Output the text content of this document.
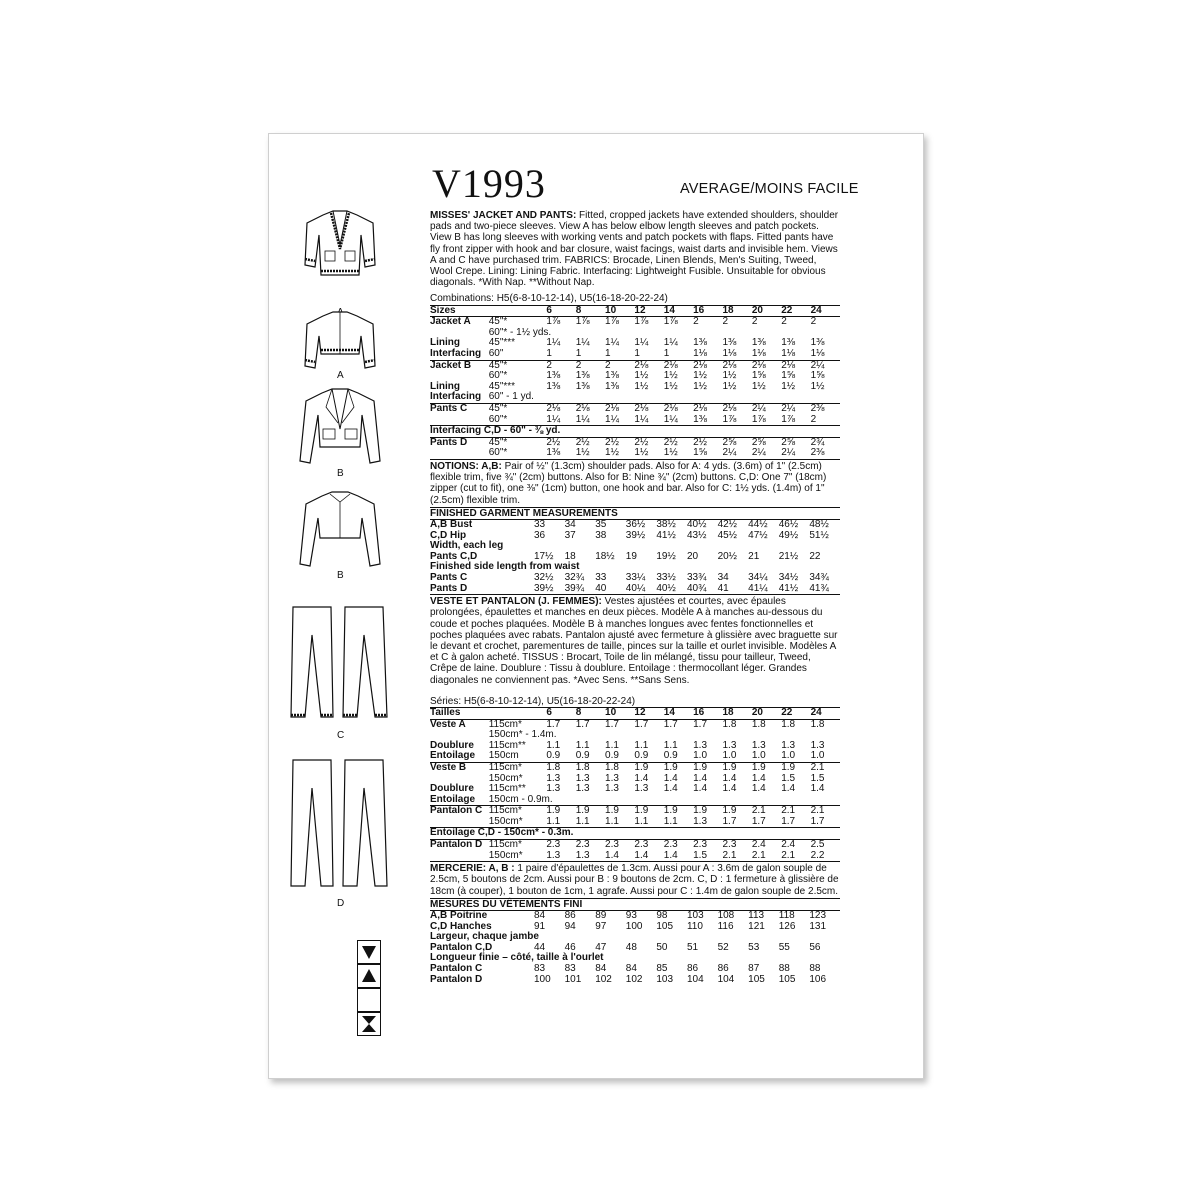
V1993	AVERAGE/MOINS FACILE
A
B
B
C
D

MISSES' JACKET AND PANTS: Fitted, cropped jackets have extended shoulders, shoulder pads and two-piece sleeves. View A has below elbow length sleeves and patch pockets. View B has long sleeves with working vents and patch pockets with flaps. Fitted pants have fly front zipper with hook and bar closure, waist facings, waist darts and invisible hem. Views A and C have purchased trim. FABRICS: Brocade, Linen Blends, Men's Suiting, Tweed, Wool Crepe. Lining: Lining Fabric. Interfacing: Lightweight Fusible. Unsuitable for obvious diagonals. *With Nap. **Without Nap.

Combinations: H5(6-8-10-12-14), U5(16-18-20-22-24)

Sizes		6	8	10	12	14	16	18	20	22	24
Jacket A	45"*	1⅞	1⅞	1⅞	1⅞	1⅞	2	2	2	2	2
	60"* - 1½ yds.										
Lining	45"***	1¼	1¼	1¼	1¼	1¼	1⅜	1⅜	1⅜	1⅜	1⅜
Interfacing	60"	1	1	1	1	1	1⅛	1⅛	1⅛	1⅛	1⅛
Jacket B	45"*	2	2	2	2⅛	2⅛	2⅛	2⅛	2⅛	2⅛	2¼
	60"*	1⅜	1⅜	1⅜	1½	1½	1½	1½	1⅝	1⅝	1⅝
Lining	45"***	1⅜	1⅜	1⅜	1½	1½	1½	1½	1½	1½	1½
Interfacing	60" - 1 yd.										
Pants C	45"*	2⅛	2⅛	2⅛	2⅛	2⅛	2⅛	2⅛	2¼	2¼	2⅜
	60"*	1¼	1¼	1¼	1¼	1¼	1⅜	1⅞	1⅞	1⅞	2
Interfacing C,D - 60" - ⅜ yd.											
Pants D	45"*	2½	2½	2½	2½	2½	2½	2⅝	2⅝	2⅝	2¾
	60"*	1⅜	1½	1½	1½	1½	1⅝	2¼	2¼	2¼	2⅜

NOTIONS: A,B: Pair of ½" (1.3cm) shoulder pads. Also for A: 4 yds. (3.6m) of 1" (2.5cm) flexible trim, five ¾" (2cm) buttons. Also for B: Nine ¾" (2cm) buttons. C,D: One 7" (18cm) zipper (cut to fit), one ⅜" (1cm) button, one hook and bar. Also for C: 1½ yds. (1.4m) of 1" (2.5cm) flexible trim.

FINISHED GARMENT MEASUREMENTS

A,B Bust	33	34	35	36½	38½	40½	42½	44½	46½	48½
C,D Hip	36	37	38	39½	41½	43½	45½	47½	49½	51½
Width, each leg										
Pants C,D	17½	18	18½	19	19½	20	20½	21	21½	22
Finished side length from waist										
Pants C	32½	32¾	33	33¼	33½	33¾	34	34¼	34½	34¾
Pants D	39½	39¾	40	40¼	40½	40¾	41	41¼	41½	41¾

VESTE ET PANTALON (J. FEMMES): Vestes ajustées et courtes, avec épaules prolongées, épaulettes et manches en deux pièces. Modèle A à manches au-dessous du coude et poches plaquées. Modèle B à manches longues avec fentes fonctionnelles et poches plaquées avec rabats. Pantalon ajusté avec fermeture à glissière avec braguette sur le devant et crochet, parementures de taille, pinces sur la taille et ourlet invisible. Modèles A et C à galon acheté. TISSUS : Brocart, Toile de lin mélangé, tissu pour tailleur, Tweed, Crêpe de laine. Doublure : Tissu à doublure. Entoilage : thermocollant léger. Grandes diagonales ne conviennent pas. *Avec Sens. **Sans Sens.

Séries: H5(6-8-10-12-14), U5(16-18-20-22-24)

Tailles		6	8	10	12	14	16	18	20	22	24
Veste A	115cm*	1.7	1.7	1.7	1.7	1.7	1.7	1.8	1.8	1.8	1.8
	150cm* - 1.4m.										
Doublure	115cm**	1.1	1.1	1.1	1.1	1.1	1.3	1.3	1.3	1.3	1.3
Entoilage	150cm	0.9	0.9	0.9	0.9	0.9	1.0	1.0	1.0	1.0	1.0
Veste B	115cm*	1.8	1.8	1.8	1.9	1.9	1.9	1.9	1.9	1.9	2.1
	150cm*	1.3	1.3	1.3	1.4	1.4	1.4	1.4	1.4	1.5	1.5
Doublure	115cm**	1.3	1.3	1.3	1.3	1.4	1.4	1.4	1.4	1.4	1.4
Entoilage	150cm - 0.9m.										
Pantalon C	115cm*	1.9	1.9	1.9	1.9	1.9	1.9	1.9	2.1	2.1	2.1
	150cm*	1.1	1.1	1.1	1.1	1.1	1.3	1.7	1.7	1.7	1.7
Entoilage C,D - 150cm* - 0.3m.											
Pantalon D	115cm*	2.3	2.3	2.3	2.3	2.3	2.3	2.3	2.4	2.4	2.5
	150cm*	1.3	1.3	1.4	1.4	1.4	1.5	2.1	2.1	2.1	2.2

MERCERIE: A, B : 1 paire d'épaulettes de 1.3cm. Aussi pour A : 3.6m de galon souple de 2.5cm, 5 boutons de 2cm. Aussi pour B : 9 boutons de 2cm. C, D : 1 fermeture à glissière de 18cm (à couper), 1 bouton de 1cm, 1 agrafe. Aussi pour C : 1.4m de galon souple de 2.5cm.

MESURES DU VÊTEMENTS FINI

A,B Poitrine	84	86	89	93	98	103	108	113	118	123
C,D Hanches	91	94	97	100	105	110	116	121	126	131
Largeur, chaque jambe										
Pantalon C,D	44	46	47	48	50	51	52	53	55	56
Longueur finie – côté, taille à l'ourlet										
Pantalon C	83	83	84	84	85	86	86	87	88	88
Pantalon D	100	101	102	102	103	104	104	105	105	106
